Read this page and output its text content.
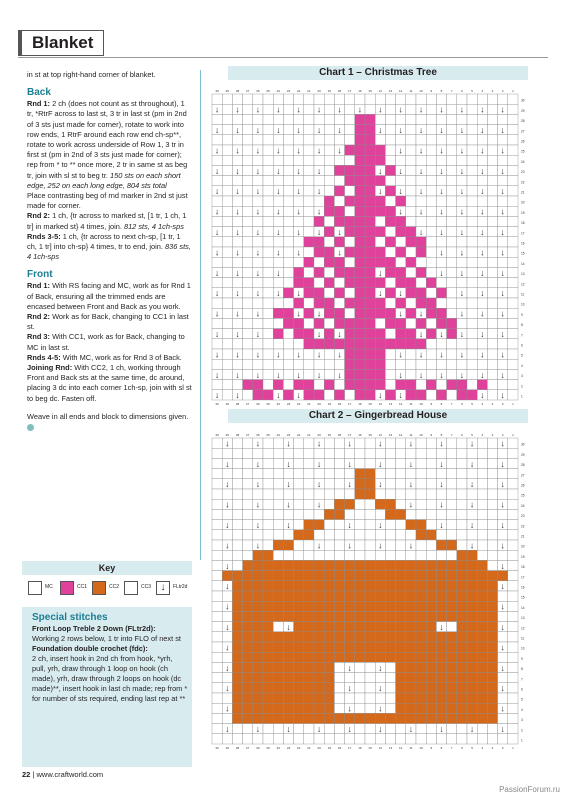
Blanket

in st at top right-hand corner of blanket.

Back

Rnd 1: 2 ch (does not count as st throughout), 1 tr, *RtrF across to last st, 3 tr in last st (pm in 2nd of 3 sts just made for corner), rotate to work into row ends, 1 RtrF around each row end ch-sp**, rotate to work across underside of Row 1, 3 tr in first st (pm in 2nd of 3 sts just made for corner); rep from * to ** once more, 2 tr in same st as beg tr, join with sl st to beg tr. 150 sts on each short edge, 252 on each long edge, 804 sts total

Place contrasting beg of rnd marker in 2nd st just made for corner.

Rnd 2: 1 ch, {tr across to marked st, [1 tr, 1 ch, 1 tr] in marked st} 4 times, join. 812 sts, 4 1ch-sps

Rnds 3-5: 1 ch, {tr across to next ch-sp, [1 tr, 1 ch, 1 tr] into ch-sp} 4 times, tr to end, join. 836 sts, 4 1ch-sps

Front

Rnd 1: With RS facing and MC, work as for Rnd 1 of Back, ensuring all the trimmed ends are encased between Front and Back as you work.

Rnd 2: Work as for Back, changing to CC1 in last st.

Rnd 3: With CC1, work as for Back, changing to MC in last st.

Rnds 4-5: With MC, work as for Rnd 3 of Back.

Joining Rnd: With CC2, 1 ch, working through Front and Back sts at the same time, dc around, placing 3 dc into each corner 1ch-sp, join with sl st to beg dc. Fasten off.

Weave in all ends and block to dimensions given.

Key
MC	CC1	CC2	CC3 ↓	FLtr2d
Special stitches

Front Loop Treble 2 Down (FLtr2d):

Working 2 rows below, 1 tr into FLO of next st

Foundation double crochet (fdc):

2 ch, insert hook in 2nd ch from hook, *yrh, pull, yrh, draw through 1 loop on hook (ch made), yrh, draw through 2 loops on hook (dc made)**, insert hook in last ch made; rep from * for number of sts required, ending last rep at **

Chart 1 – Christmas Tree
Chart 2 – Gingerbread House
↓ ↓ ↓ ↓ ↓ ↓ ↓ ↓ ↓ ↓ ↓ ↓ ↓ ↓ ↓
↓ ↓ ↓ ↓ ↓ ↓ ↓	↓ ↓ ↓ ↓ ↓ ↓ ↓
↓ ↓ ↓ ↓ ↓ ↓ ↓	↓ ↓ ↓ ↓ ↓ ↓
↓ ↓ ↓ ↓ ↓ ↓	↓ ↓ ↓ ↓ ↓ ↓ ↓
↓ ↓ ↓ ↓ ↓ ↓	↓ ↓ ↓ ↓ ↓ ↓ ↓
↓ ↓ ↓ ↓ ↓ ↓	↓ ↓ ↓ ↓ ↓ ↓
↓ ↓ ↓ ↓ ↓ ↓ ↓	↓ ↓ ↓ ↓ ↓
↓ ↓ ↓ ↓ ↓	↓	↓ ↓ ↓ ↓
↓ ↓ ↓ ↓	↓	↓ ↓ ↓ ↓
↓ ↓ ↓ ↓ ↓	↓ ↓	↓ ↓ ↓
↓ ↓ ↓	↓ ↓	↓ ↓	↓ ↓ ↓
↓ ↓ ↓	↓ ↓	↓ ↓ ↓ ↓ ↓
↓ ↓ ↓ ↓ ↓ ↓ ↓	↓ ↓ ↓ ↓ ↓ ↓
↓ ↓ ↓ ↓ ↓ ↓ ↓	↓ ↓ ↓ ↓ ↓ ↓
↓ ↓	↓ ↓	↓ ↓	↓ ↓
30
29
28
27
26
25
24
23
22
21
20
19
18
17
16
15
14
13
12
11
10
9
8
7
6
5
4
3
2
1
30
30
29
29
28
28
27
27
26
26
25
25
24
24
23
23
22
22
21
21
20
20
19
19
18
18
17
17
16
16
15
15
14
14
13
13
12
12
11
11
10
10
9
9
8
8
7
7
6
6
5
5
4
4
3
3
2
2
1
1
↓	↓	↓	↓	↓	↓	↓	↓	↓	↓
↓	↓	↓	↓	↓	↓	↓	↓	↓	↓
↓	↓	↓	↓	↓	↓	↓	↓	↓	↓
↓	↓	↓	↓	↓	↓	↓	↓
↓	↓	↓	↓	↓	↓	↓	↓
↓	↓	↓	↓	↓	↓	↓	↓
↓	↓
↓	↓
↓	↓
↓	↓	↓	↓
↓	↓
↓	↓	↓	↓
↓	↓	↓	↓
↓	↓	↓	↓
↓	↓	↓	↓	↓	↓	↓	↓	↓	↓
30
29
28
27
26
25
24
23
22
21
20
19
18
17
16
15
14
13
12
11
10
9
8
7
6
5
4
3
2
1
30
30
29
29
28
28
27
27
26
26
25
25
24
24
23
23
22
22
21
21
20
20
19
19
18
18
17
17
16
16
15
15
14
14
13
13
12
12
11
11
10
10
9
9
8
8
7
7
6
6
5
5
4
4
3
3
2
2
1
1
22 | www.craftworld.com
PassionForum.ru
